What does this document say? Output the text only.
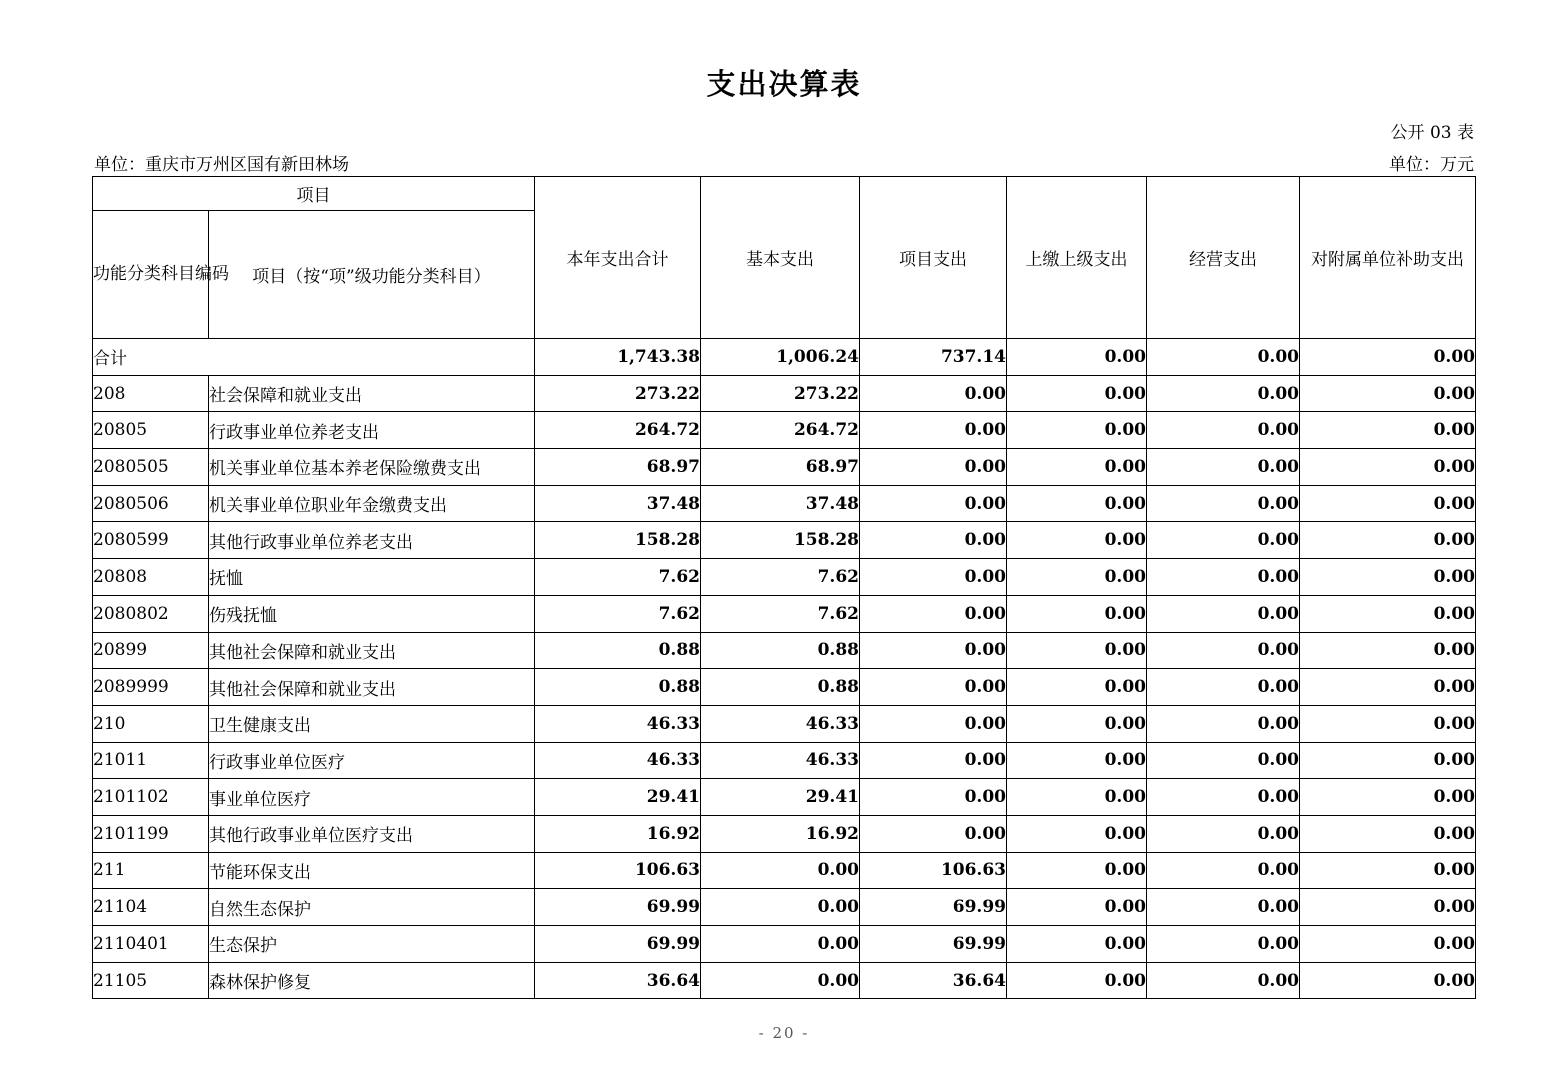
支出决算表
公开 03 表
单位：重庆市万州区国有新田林场	单位：万元
项目		本年支出合计	基本支出	项目支出	上缴上级支出	经营支出	对附属单位补助支出
功能分类科目编码	项目（按“项”级功能分类科目）						
合计		1,743.38	1,006.24	737.14	0.00	0.00	0.00
208	社会保障和就业支出	273.22	273.22	0.00	0.00	0.00	0.00
20805	行政事业单位养老支出	264.72	264.72	0.00	0.00	0.00	0.00
2080505	机关事业单位基本养老保险缴费支出	68.97	68.97	0.00	0.00	0.00	0.00
2080506	机关事业单位职业年金缴费支出	37.48	37.48	0.00	0.00	0.00	0.00
2080599	其他行政事业单位养老支出	158.28	158.28	0.00	0.00	0.00	0.00
20808	抚恤	7.62	7.62	0.00	0.00	0.00	0.00
2080802	伤残抚恤	7.62	7.62	0.00	0.00	0.00	0.00
20899	其他社会保障和就业支出	0.88	0.88	0.00	0.00	0.00	0.00
2089999	其他社会保障和就业支出	0.88	0.88	0.00	0.00	0.00	0.00
210	卫生健康支出	46.33	46.33	0.00	0.00	0.00	0.00
21011	行政事业单位医疗	46.33	46.33	0.00	0.00	0.00	0.00
2101102	事业单位医疗	29.41	29.41	0.00	0.00	0.00	0.00
2101199	其他行政事业单位医疗支出	16.92	16.92	0.00	0.00	0.00	0.00
211	节能环保支出	106.63	0.00	106.63	0.00	0.00	0.00
21104	自然生态保护	69.99	0.00	69.99	0.00	0.00	0.00
2110401	生态保护	69.99	0.00	69.99	0.00	0.00	0.00
21105	森林保护修复	36.64	0.00	36.64	0.00	0.00	0.00
- 20 -
